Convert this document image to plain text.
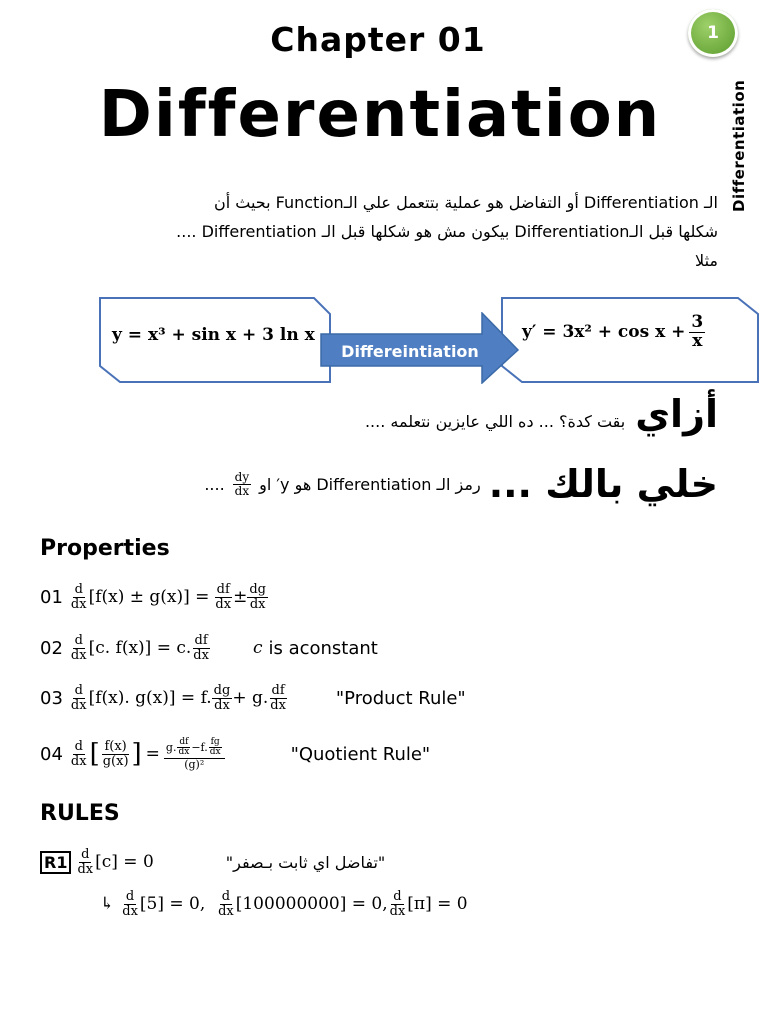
Chapter 01
Differentiation
1
Differentiation

الـ Differentiation أو التفاضل هو عملية بتتعمل علي الـFunction بحيث أن

شكلها قبل الـDifferentiation بيكون مش هو شكلها قبل الـ Differentiation ....

مثلا

y = x³ + sin x + 3 ln x
Differeintiation
$y' = 3x^2 + \cos x + \frac{3}{x}$
أزاي
بقت كدة؟ ... ده اللي عايزين نتعلمه ....
خلي بالك ...
رمز الـ Differentiation هو y′ او
$\frac{dy}{dx}$
....
Properties
$01 \frac{d}{dx} [f(x) \pm g(x)] = \frac{df}{dx} \pm \frac{dg}{dx}$
$02 \frac{d}{dx} [c$. f(x)] = c. $\frac{df}{dx}$ c is aconstant
$03 \frac{d}{dx} [f(x)$. g(x)] = f. $\frac{dg}{dx} + g$. $\frac{df}{dx}$	"Product Rule"
$04 \frac{d}{dx}$ [ $\frac{f(x)}{g(x)}$ ] = $\frac{g. \frac{df}{dx} -f. \frac{fg}{dx}}{\text{(g)²}}$	"Quotient Rule"
RULES
$R1 \frac{d}{dx} [c] = 0$	"تفاضل اي ثابت بـصفر"
↳ $\frac{d}{dx} [5] = 0$, $\frac{d}{dx} [100000000] = 0$, $\frac{d}{dx} [\pi] = 0$
